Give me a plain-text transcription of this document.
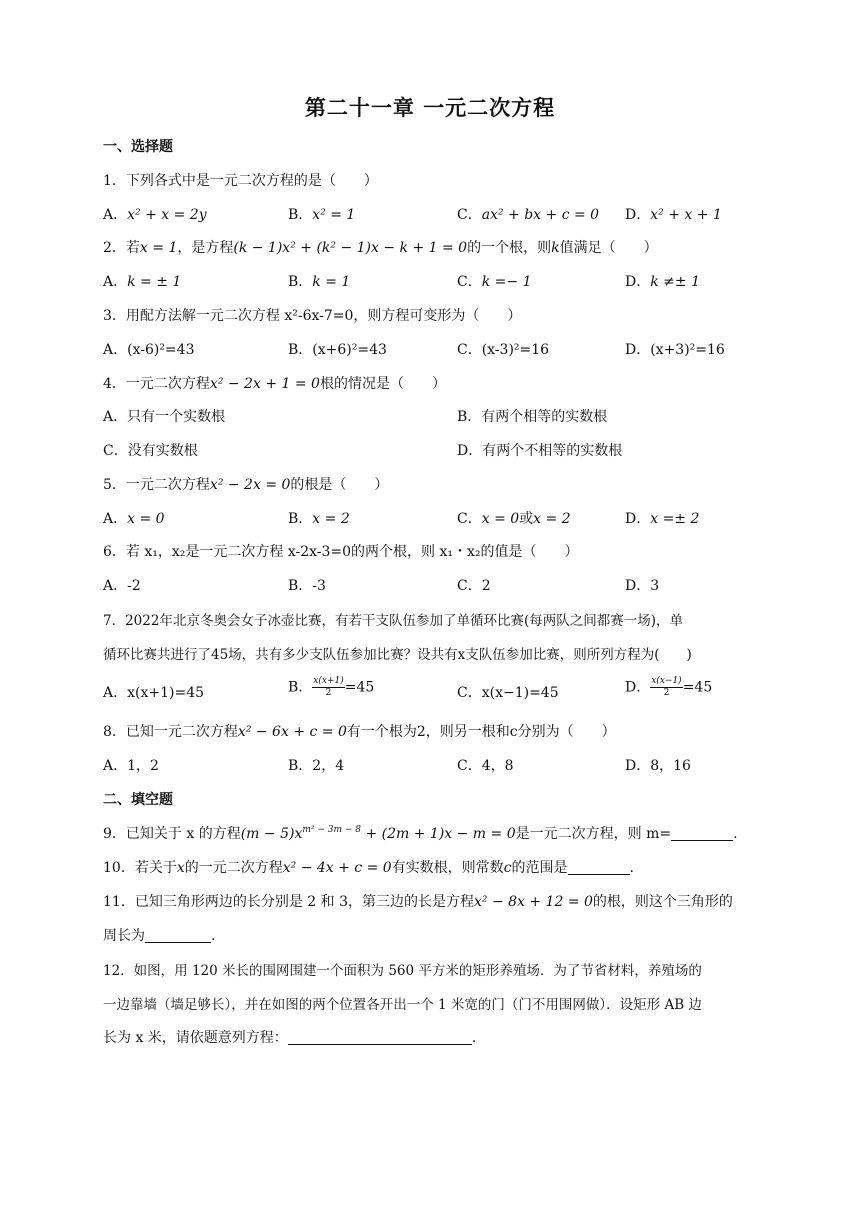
第二十一章 一元二次方程
一、选择题
1．下列各式中是一元二次方程的是（　　）
A．x² + x = 2y	B．x² = 1	C．ax² + bx + c = 0 D．x² + x + 1
2．若x = 1，是方程(k − 1)x² + (k² − 1)x − k + 1 = 0的一个根，则k值满足（　　）
A．k = ± 1	B．k = 1	C．k =− 1	D．k ≠± 1
3．用配方法解一元二次方程 x²-6x-7=0，则方程可变形为（　　）
A．(x-6)²=43	B．(x+6)²=43	C．(x-3)²=16	D．(x+3)²=16
4．一元二次方程x² − 2x + 1 = 0根的情况是（　　）
A．只有一个实数根	B．有两个相等的实数根
C．没有实数根	D．有两个不相等的实数根
5．一元二次方程x² − 2x = 0的根是（　　）
A．x = 0	B．x = 2	C．x = 0或x = 2	D．x =± 2
6．若 x₁，x₂是一元二次方程 x-2x-3=0的两个根，则 x₁・x₂的值是（　　）
A．-2	B．-3	C．2	D．3
7．2022年北京冬奥会女子冰壶比赛，有若干支队伍参加了单循环比赛(每两队之间都赛一场)，单
循环比赛共进行了45场，共有多少支队伍参加比赛？设共有x支队伍参加比赛，则所列方程为(　　)
A．x(x+1)=45	B． $\frac{x(x+1)}{2} =45$	C．x(x−1)=45	D． $\frac{x(x-1)}{2} =45$
8．已知一元二次方程x² − 6x + c = 0有一个根为2，则另一根和c分别为（　　）
A．1，2	B．2，4	C．4，8	D．8，16
二、填空题
9．已知关于 x 的方程$(m - 5)x^{m^2 - 3m - 8} + (2m + 1)x - m = 0$是一元二次方程，则 m=	.
10．若关于x的一元二次方程x² − 4x + c = 0有实数根，则常数c的范围是	.
11．已知三角形两边的长分别是 2 和 3，第三边的长是方程x² − 8x + 12 = 0的根，则这个三角形的
周长为	.
12．如图，用 120 米长的围网围建一个面积为 560 平方米的矩形养殖场．为了节省材料，养殖场的
一边靠墙（墙足够长），并在如图的两个位置各开出一个 1 米宽的门（门不用围网做）．设矩形 AB 边
长为 x 米，请依题意列方程：	.
